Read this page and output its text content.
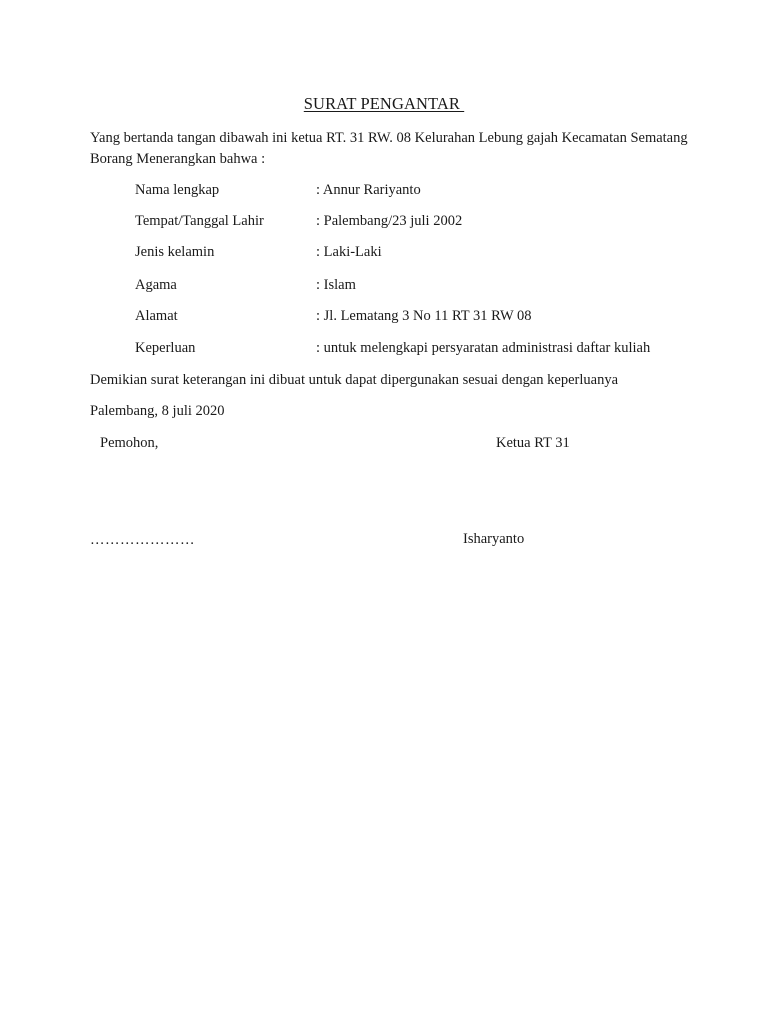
SURAT PENGANTAR
Yang bertanda tangan dibawah ini ketua RT. 31 RW. 08 Kelurahan Lebung gajah Kecamatan Sematang Borang Menerangkan bahwa :
Nama lengkap	: Annur Rariyanto
Tempat/Tanggal Lahir	: Palembang/23 juli 2002
Jenis kelamin	: Laki-Laki
Agama	: Islam
Alamat	: Jl. Lematang 3 No 11 RT 31 RW 08
Keperluan	: untuk melengkapi persyaratan administrasi daftar kuliah
Demikian surat keterangan ini dibuat untuk dapat dipergunakan sesuai dengan keperluanya
Palembang, 8 juli 2020
Pemohon,	Ketua RT 31
…………………	Isharyanto
